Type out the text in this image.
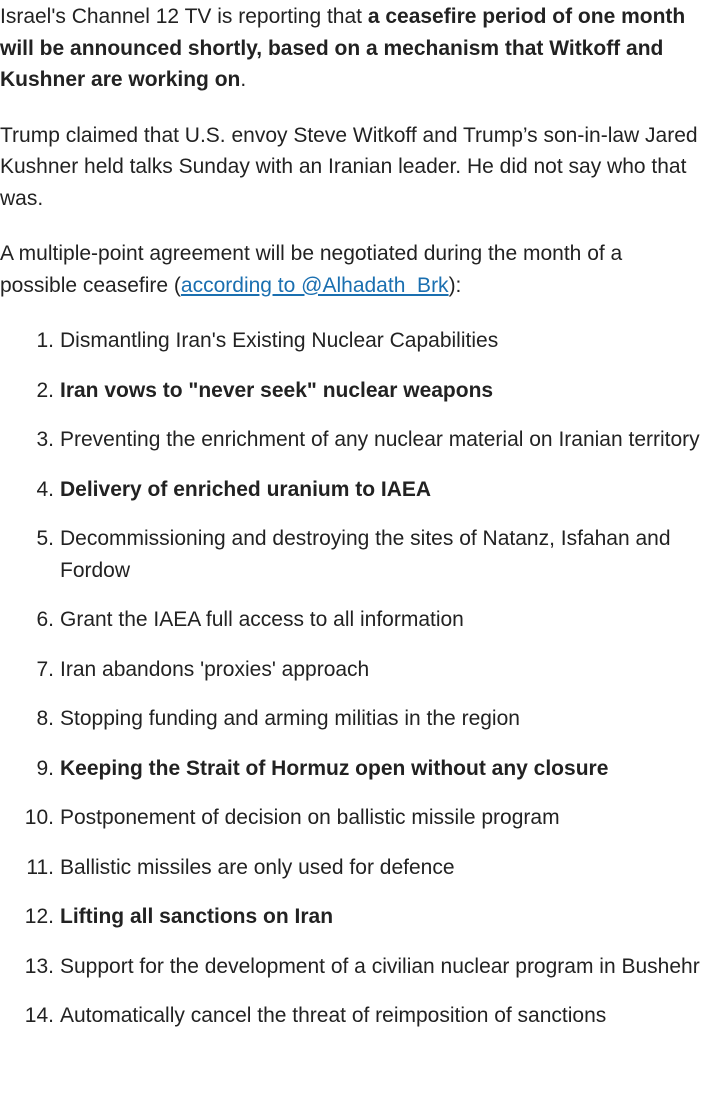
Israel's Channel 12 TV is reporting that a ceasefire period of one month will be announced shortly, based on a mechanism that Witkoff and Kushner are working on.

Trump claimed that U.S. envoy Steve Witkoff and Trump’s son-in-law Jared Kushner held talks Sunday with an Iranian leader. He did not say who that was.

A multiple-point agreement will be negotiated during the month of a possible ceasefire (according to @Alhadath_Brk):

1. Dismantling Iran's Existing Nuclear Capabilities
2. Iran vows to "never seek" nuclear weapons
3. Preventing the enrichment of any nuclear material on Iranian territory
4. Delivery of enriched uranium to IAEA
5. Decommissioning and destroying the sites of Natanz, Isfahan and Fordow
6. Grant the IAEA full access to all information
7. Iran abandons 'proxies' approach
8. Stopping funding and arming militias in the region
9. Keeping the Strait of Hormuz open without any closure
10. Postponement of decision on ballistic missile program
11. Ballistic missiles are only used for defence
12. Lifting all sanctions on Iran
13. Support for the development of a civilian nuclear program in Bushehr
14. Automatically cancel the threat of reimposition of sanctions
